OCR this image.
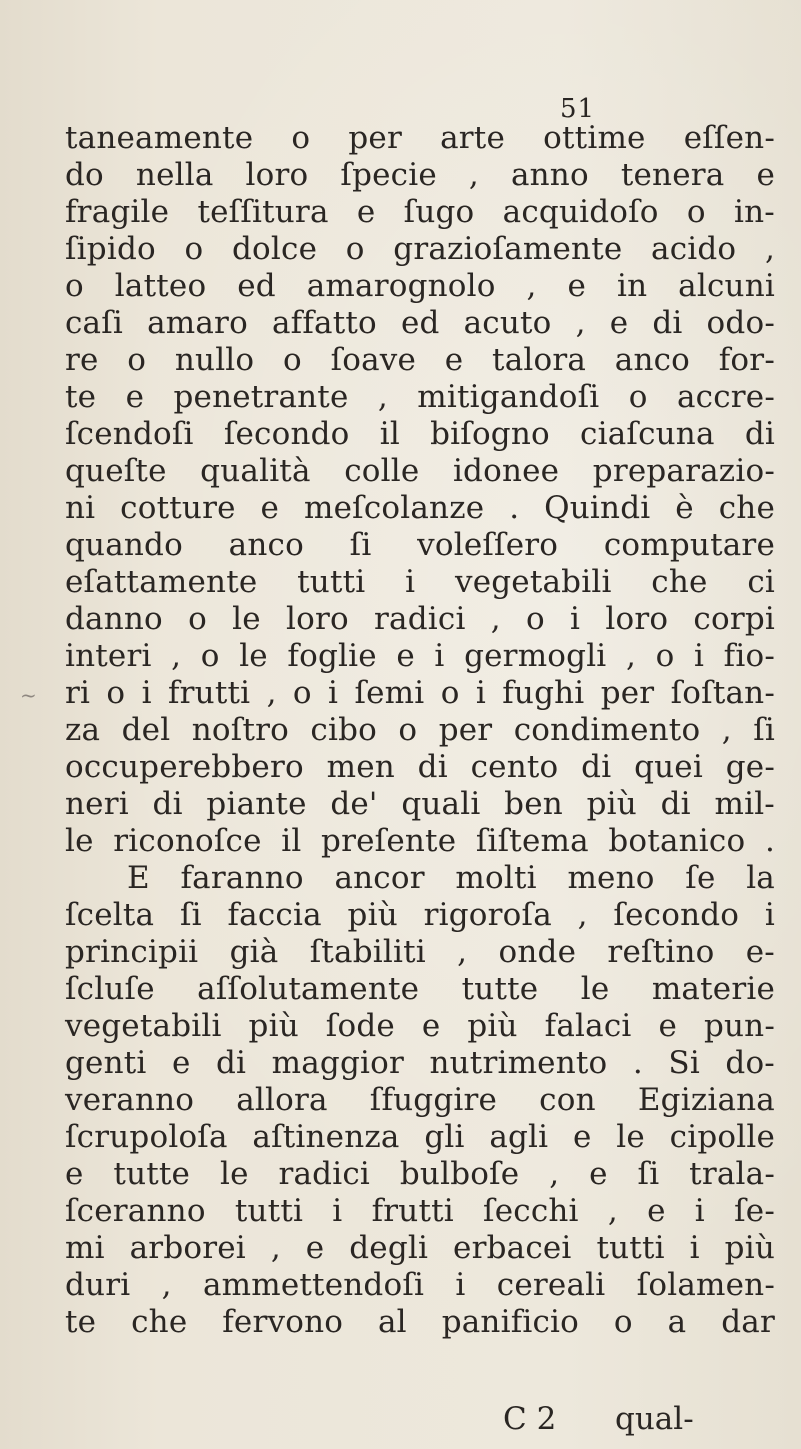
~
51
taneamente o per arte ottime eſſen-
do nella loro ſpecie , anno tenera e
fragile teſſitura e ſugo acquidoſo o in-
ſipido o dolce o grazioſamente acido ,
o latteo ed amarognolo , e in alcuni
caſi amaro affatto ed acuto , e di odo-
re o nullo o ſoave e talora anco for-
te e penetrante , mitigandoſi o accre-
ſcendoſi ſecondo il biſogno ciaſcuna di
queſte qualità colle idonee preparazio-
ni cotture e meſcolanze . Quindi è che
quando anco ſi voleſſero computare
eſattamente tutti i vegetabili che ci
danno o le loro radici , o i loro corpi
interi , o le foglie e i germogli , o i fio-
ri o i frutti , o i ſemi o i fughi per ſoſtan-
za del noſtro cibo o per condimento , ſi
occuperebbero men di cento di quei ge-
neri di piante de' quali ben più di mil-
le riconoſce il preſente ſiſtema botanico .
E faranno ancor molti meno ſe la
ſcelta ſi faccia più rigoroſa , ſecondo i
principii già ſtabiliti , onde reſtino e-
ſcluſe aſſolutamente tutte le materie
vegetabili più ſode e più falaci e pun-
genti e di maggior nutrimento . Si do-
veranno allora ſfuggire con Egiziana
ſcrupoloſa aſtinenza gli agli e le cipolle
e tutte le radici bulboſe , e ſi trala-
ſceranno tutti i frutti ſecchi , e i ſe-
mi arborei , e degli erbacei tutti i più
duri , ammettendoſi i cereali ſolamen-
te che fervono al panificio o a dar
C 2 qual-
